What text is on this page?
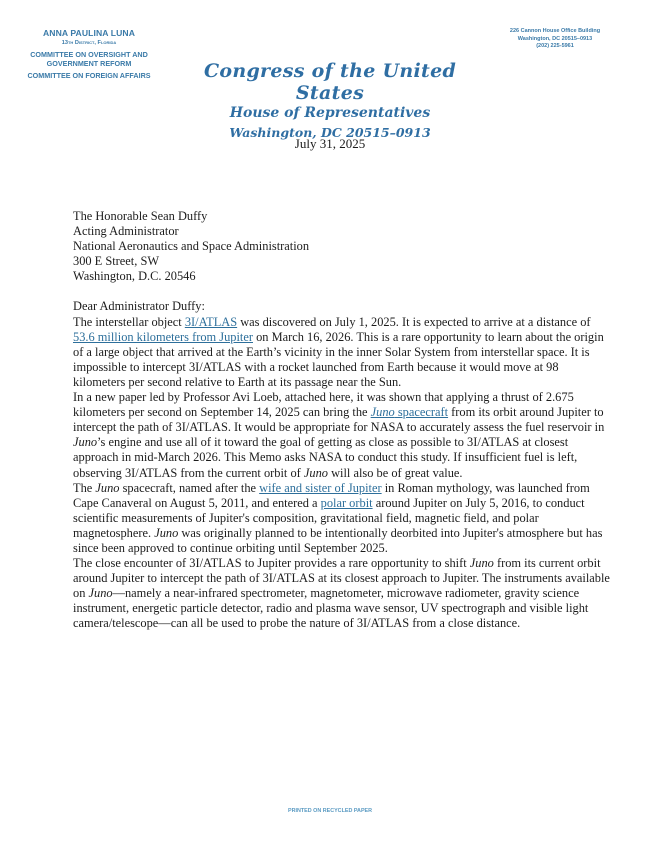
ANNA PAULINA LUNA
13th District, Florida
COMMITTEE ON OVERSIGHT AND GOVERNMENT REFORM
COMMITTEE ON FOREIGN AFFAIRS
226 Cannon House Office Building
Washington, DC 20515–0913
(202) 225-5961
Congress of the United States
House of Representatives
Washington, DC 20515–0913
July 31, 2025
The Honorable Sean Duffy
Acting Administrator
National Aeronautics and Space Administration
300 E Street, SW
Washington, D.C. 20546

Dear Administrator Duffy:

The interstellar object 3I/ATLAS was discovered on July 1, 2025. It is expected to arrive at a distance of 53.6 million kilometers from Jupiter on March 16, 2026. This is a rare opportunity to learn about the origin of a large object that arrived at the Earth’s vicinity in the inner Solar System from interstellar space. It is impossible to intercept 3I/ATLAS with a rocket launched from Earth because it would move at 98 kilometers per second relative to Earth at its passage near the Sun.

In a new paper led by Professor Avi Loeb, attached here, it was shown that applying a thrust of 2.675 kilometers per second on September 14, 2025 can bring the Juno spacecraft from its orbit around Jupiter to intercept the path of 3I/ATLAS. It would be appropriate for NASA to accurately assess the fuel reservoir in Juno’s engine and use all of it toward the goal of getting as close as possible to 3I/ATLAS at closest approach in mid-March 2026. This Memo asks NASA to conduct this study. If insufficient fuel is left, observing 3I/ATLAS from the current orbit of Juno will also be of great value.

The Juno spacecraft, named after the wife and sister of Jupiter in Roman mythology, was launched from Cape Canaveral on August 5, 2011, and entered a polar orbit around Jupiter on July 5, 2016, to conduct scientific measurements of Jupiter's composition, gravitational field, magnetic field, and polar magnetosphere. Juno was originally planned to be intentionally deorbited into Jupiter's atmosphere but has since been approved to continue orbiting until September 2025.

The close encounter of 3I/ATLAS to Jupiter provides a rare opportunity to shift Juno from its current orbit around Jupiter to intercept the path of 3I/ATLAS at its closest approach to Jupiter. The instruments available on Juno—namely a near-infrared spectrometer, magnetometer, microwave radiometer, gravity science instrument, energetic particle detector, radio and plasma wave sensor, UV spectrograph and visible light camera/telescope—can all be used to probe the nature of 3I/ATLAS from a close distance.

PRINTED ON RECYCLED PAPER
